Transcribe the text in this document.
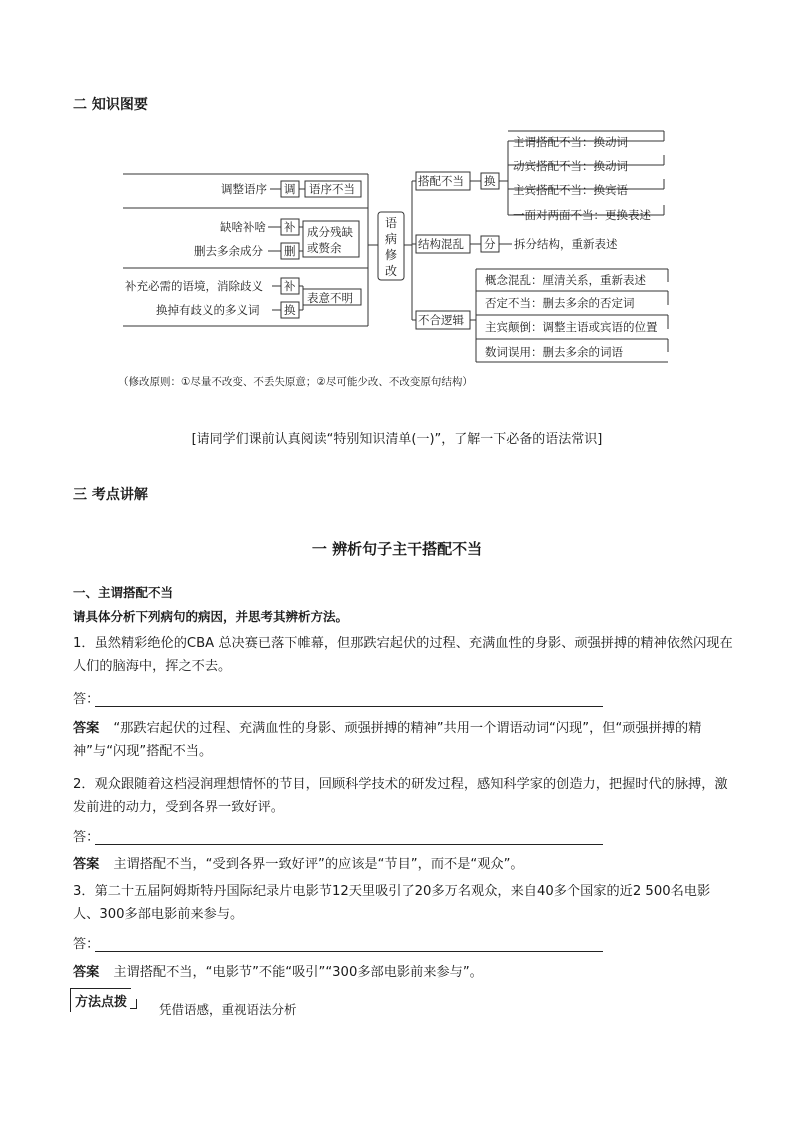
二 知识图要
调整语序 调 语序不当
缺啥补啥 补
删去多余成分 删
成分残缺
或赘余
补充必需的语境，消除歧义 补
换掉有歧义的多义词 换
表意不明
语
病
修
改
搭配不当 换
主谓搭配不当：换动词
动宾搭配不当：换动词
主宾搭配不当：换宾语
一面对两面不当：更换表述
结构混乱 分 拆分结构，重新表述
不合逻辑
概念混乱：厘清关系，重新表述
否定不当：删去多余的否定词
主宾颠倒：调整主语或宾语的位置
数词误用：删去多余的词语
（修改原则：①尽量不改变、不丢失原意；②尽可能少改、不改变原句结构）
[请同学们课前认真阅读“特别知识清单(一)”，了解一下必备的语法常识]
三 考点讲解
一 辨析句子主干搭配不当
一、主谓搭配不当
请具体分析下列病句的病因，并思考其辨析方法。
1．虽然精彩绝伦的CBA 总决赛已落下帷幕，但那跌宕起伏的过程、充满血性的身影、顽强拼搏的精神依然闪现在人们的脑海中，挥之不去。
答：
答案 “那跌宕起伏的过程、充满血性的身影、顽强拼搏的精神”共用一个谓语动词“闪现”，但“顽强拼搏的精神”与“闪现”搭配不当。
2．观众跟随着这档浸润理想情怀的节目，回顾科学技术的研发过程，感知科学家的创造力，把握时代的脉搏，激发前进的动力，受到各界一致好评。
答：
答案 主谓搭配不当，“受到各界一致好评”的应该是“节目”，而不是“观众”。
3．第二十五届阿姆斯特丹国际纪录片电影节12天里吸引了20多万名观众，来自40多个国家的近2 500名电影人、300多部电影前来参与。
答：
答案 主谓搭配不当，“电影节”不能“吸引”“300多部电影前来参与”。
方法点拨	凭借语感，重视语法分析
